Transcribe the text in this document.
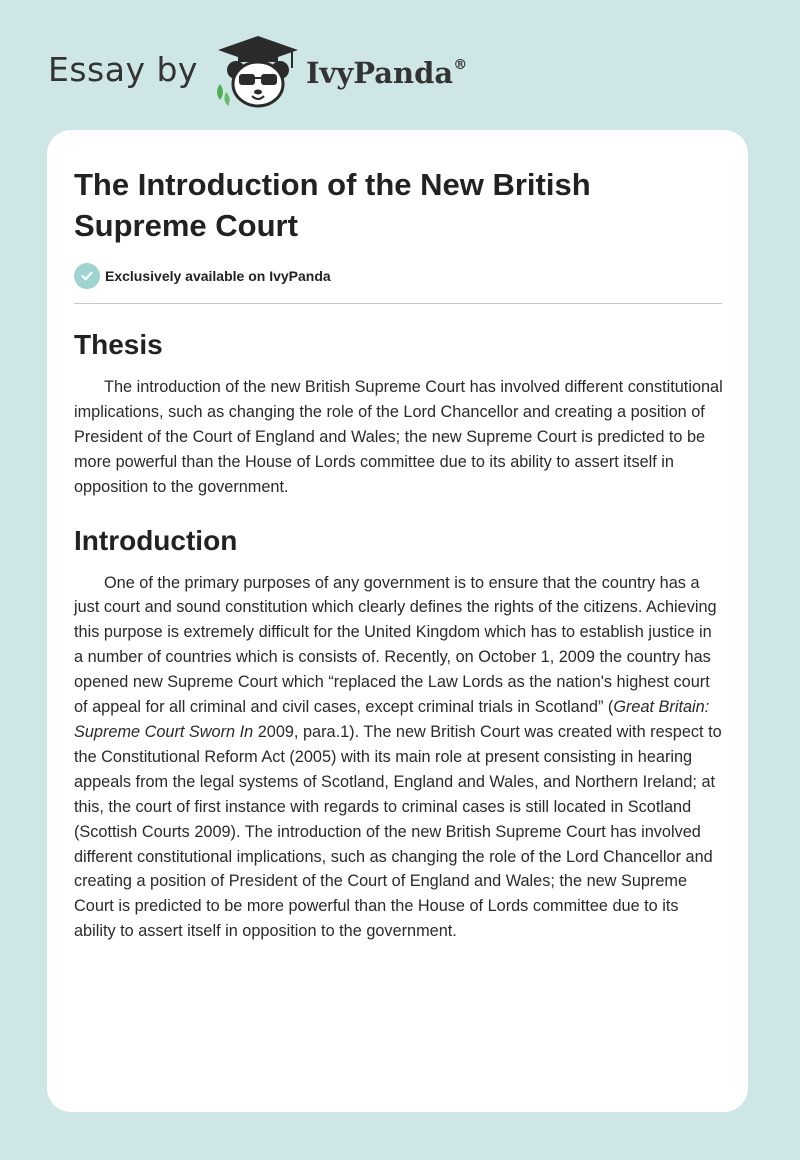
Essay by	IvyPanda®
The Introduction of the New British Supreme Court
Exclusively available on IvyPanda
Thesis

The introduction of the new British Supreme Court has involved different constitutional implications, such as changing the role of the Lord Chancellor and creating a position of President of the Court of England and Wales; the new Supreme Court is predicted to be more powerful than the House of Lords committee due to its ability to assert itself in opposition to the government.

Introduction

One of the primary purposes of any government is to ensure that the country has a just court and sound constitution which clearly defines the rights of the citizens. Achieving this purpose is extremely difficult for the United Kingdom which has to establish justice in a number of countries which is consists of. Recently, on October 1, 2009 the country has opened new Supreme Court which “replaced the Law Lords as the nation's highest court of appeal for all criminal and civil cases, except criminal trials in Scotland” (Great Britain: Supreme Court Sworn In 2009, para.1). The new British Court was created with respect to the Constitutional Reform Act (2005) with its main role at present consisting in hearing appeals from the legal systems of Scotland, England and Wales, and Northern Ireland; at this, the court of first instance with regards to criminal cases is still located in Scotland (Scottish Courts 2009). The introduction of the new British Supreme Court has involved different constitutional implications, such as changing the role of the Lord Chancellor and creating a position of President of the Court of England and Wales; the new Supreme Court is predicted to be more powerful than the House of Lords committee due to its ability to assert itself in opposition to the government.
